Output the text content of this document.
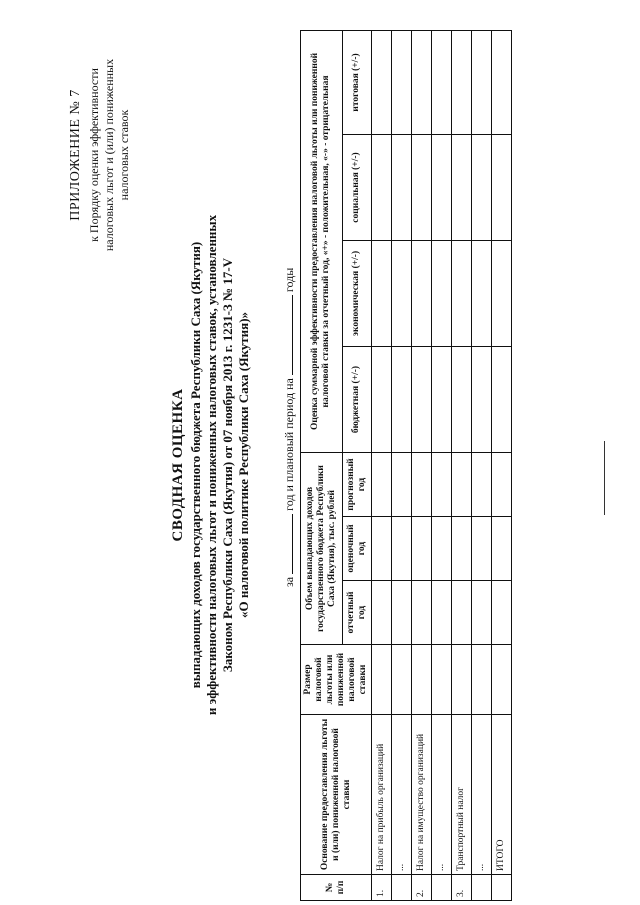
ПРИЛОЖЕНИЕ № 7 к Порядку оценки эффективности
налоговых льгот и (или) пониженных
налоговых ставок
СВОДНАЯ ОЦЕНКА выпадающих доходов государственного бюджета Республики Саха (Якутия)
и эффективности налоговых льгот и пониженных налоговых ставок, установленных
Законом Республики Саха (Якутия) от 07 ноября 2013 г. 1231-З № 17-V
«О налоговой политике Республики Саха (Якутия)»	за  год и плановый период на  годы
№ п/п	Основание предоставления льготы и (или) пониженной налоговой ставки	Размер налоговой льготы или пониженной налоговой ставки	Объем выпадающих доходов государственного бюджета Республики Саха (Якутия), тыс. рублей			Оценка суммарной эффективности предоставления налоговой льготы или пониженной налоговой ставки за отчетный год, «+» - положительная, «-» - отрицательная			
			отчетный год	оценочный год	прогнозный год	бюджетная (+/-)	экономическая (+/-)	социальная (+/-)	итоговая (+/-)
1.	Налог на прибыль организаций								
	...								
2.	Налог на имущество организаций								
	...								
3.	Транспортный налог								
	...								
	ИТОГО								
